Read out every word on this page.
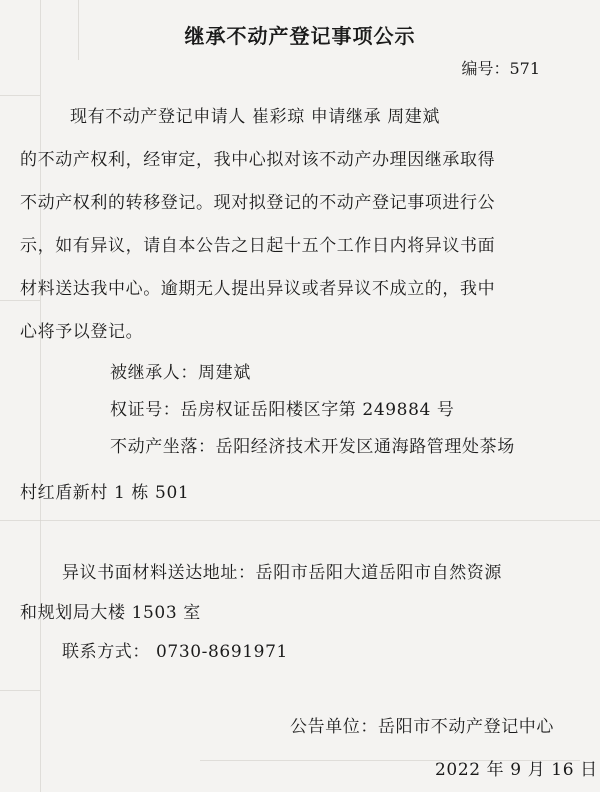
继承不动产登记事项公示
编号：571
现有不动产登记申请人 崔彩琼 申请继承 周建斌
的不动产权利，经审定，我中心拟对该不动产办理因继承取得
不动产权利的转移登记。现对拟登记的不动产登记事项进行公
示，如有异议，请自本公告之日起十五个工作日内将异议书面
材料送达我中心。逾期无人提出异议或者异议不成立的，我中
心将予以登记。
被继承人：周建斌
权证号：岳房权证岳阳楼区字第 249884 号
不动产坐落：岳阳经济技术开发区通海路管理处茶场
村红盾新村 1 栋 501
异议书面材料送达地址：岳阳市岳阳大道岳阳市自然资源
和规划局大楼 1503 室
联系方式： 0730-8691971
公告单位：岳阳市不动产登记中心
2022 年 9 月 16 日
